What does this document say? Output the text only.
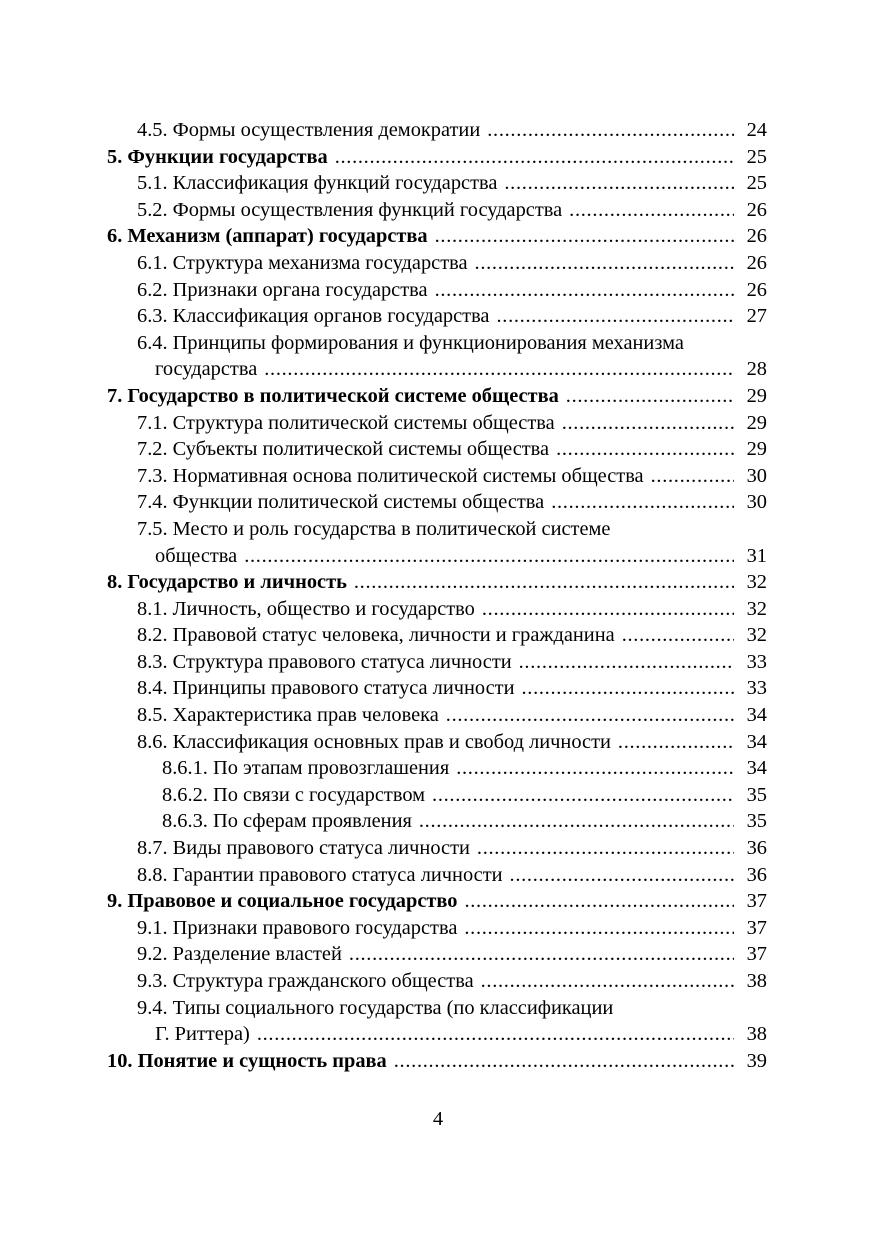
4.5. Формы осуществления демократии . . .	24
5. Функции государства . . .	25
5.1. Классификация функций государства . . .	25
5.2. Формы осуществления функций государства . . .	26
6. Механизм (аппарат) государства . . .	26
6.1. Структура механизма государства . . .	26
6.2. Признаки органа государства . . .	26
6.3. Классификация органов государства . . .	27
6.4. Принципы формирования и функционирования механизма
государства . . .	28
7. Государство в политической системе общества . . .	29
7.1. Структура политической системы общества . . .	29
7.2. Субъекты политической системы общества . . .	29
7.3. Нормативная основа политической системы общества . . .	30
7.4. Функции политической системы общества . . .	30
7.5. Место и роль государства в политической системе
общества . . .	31
8. Государство и личность . . .	32
8.1. Личность, общество и государство . . .	32
8.2. Правовой статус человека, личности и гражданина . . .	32
8.3. Структура правового статуса личности . . .	33
8.4. Принципы правового статуса личности . . .	33
8.5. Характеристика прав человека . . .	34
8.6. Классификация основных прав и свобод личности . . .	34
8.6.1. По этапам провозглашения . . .	34
8.6.2. По связи с государством . . .	35
8.6.3. По сферам проявления . . .	35
8.7. Виды правового статуса личности . . .	36
8.8. Гарантии правового статуса личности . . .	36
9. Правовое и социальное государство . . .	37
9.1. Признаки правового государства . . .	37
9.2. Разделение властей . . .	37
9.3. Структура гражданского общества . . .	38
9.4. Типы социального государства (по классификации
Г. Риттера) . . .	38
10. Понятие и сущность права . . .	39
4
